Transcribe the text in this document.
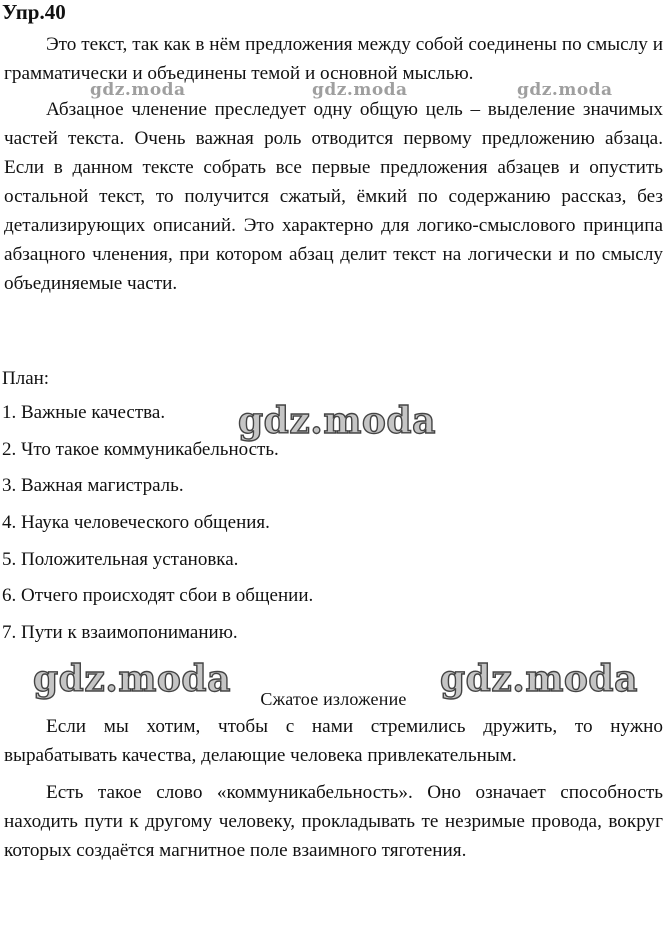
Упр.40

Это текст, так как в нём предложения между собой соединены по смыслу и грамматически и объединены темой и основной мыслью.

Абзацное членение преследует одну общую цель – выделение значимых частей текста. Очень важная роль отводится первому предложению абзаца. Если в данном тексте собрать все первые предложения абзацев и опустить остальной текст, то получится сжатый, ёмкий по содержанию рассказ, без детализирующих описаний. Это характерно для логико-смыслового принципа абзацного членения, при котором абзац делит текст на логически и по смыслу объединяемые части.

План:
1. Важные качества.
2. Что такое коммуникабельность.
3. Важная магистраль.
4. Наука человеческого общения.
5. Положительная установка.
6. Отчего происходят сбои в общении.
7. Пути к взаимопониманию.
Сжатое изложение

Если мы хотим, чтобы с нами стремились дружить, то нужно вырабатывать качества, делающие человека привлекательным.

Есть такое слово «коммуникабельность». Оно означает способность находить пути к другому человеку, прокладывать те незримые провода, вокруг которых создаётся магнитное поле взаимного тяготения.

gdz.moda	gdz.moda	gdz.moda
gdz.moda
gdz.moda	gdz.moda
